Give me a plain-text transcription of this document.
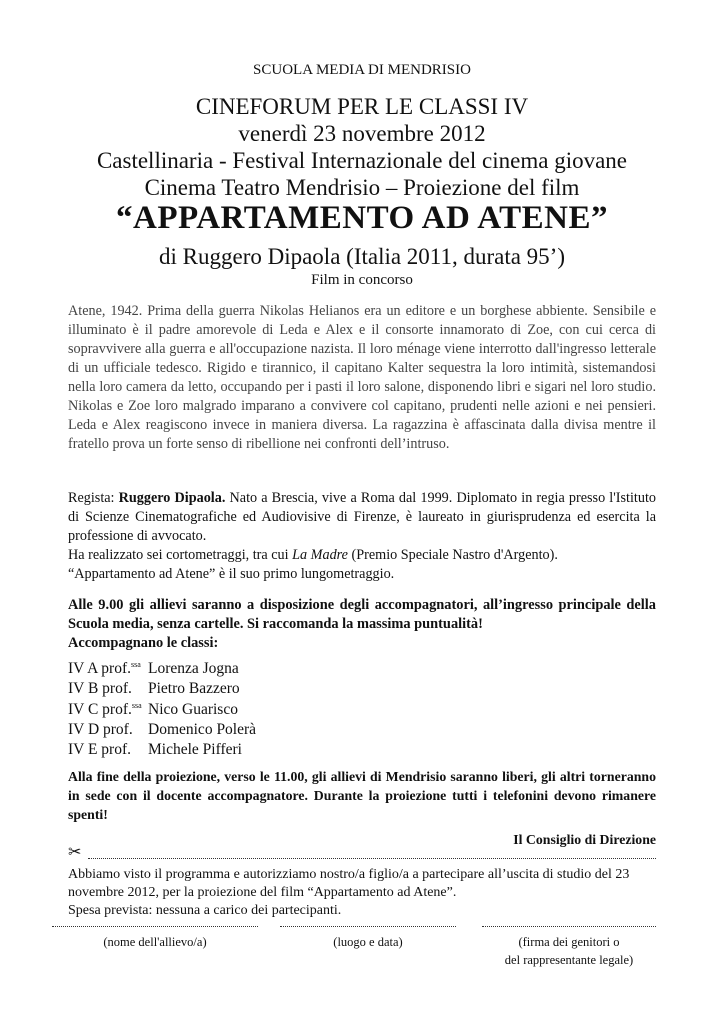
SCUOLA MEDIA DI MENDRISIO
CINEFORUM PER LE CLASSI IV
venerdì 23 novembre 2012
Castellinaria - Festival Internazionale del cinema giovane
Cinema Teatro Mendrisio – Proiezione del film
“APPARTAMENTO AD ATENE”
di Ruggero Dipaola (Italia 2011, durata 95’)
Film in concorso
Atene, 1942. Prima della guerra Nikolas Helianos era un editore e un borghese abbiente. Sensibile e illuminato è il padre amorevole di Leda e Alex e il consorte innamorato di Zoe, con cui cerca di sopravvivere alla guerra e all'occupazione nazista. Il loro ménage viene interrotto dall'ingresso letterale di un ufficiale tedesco. Rigido e tirannico, il capitano Kalter sequestra la loro intimità, sistemandosi nella loro camera da letto, occupando per i pasti il loro salone, disponendo libri e sigari nel loro studio. Nikolas e Zoe loro malgrado imparano a convivere col capitano, prudenti nelle azioni e nei pensieri. Leda e Alex reagiscono invece in maniera diversa. La ragazzina è affascinata dalla divisa mentre il fratello prova un forte senso di ribellione nei confronti dell’intruso.
Regista: Ruggero Dipaola. Nato a Brescia, vive a Roma dal 1999. Diplomato in regia presso l'Istituto di Scienze Cinematografiche ed Audiovisive di Firenze, è laureato in giurisprudenza ed esercita la professione di avvocato.
Ha realizzato sei cortometraggi, tra cui La Madre (Premio Speciale Nastro d'Argento).
“Appartamento ad Atene” è il suo primo lungometraggio.
Alle 9.00 gli allievi saranno a disposizione degli accompagnatori, all’ingresso principale della Scuola media, senza cartelle. Si raccomanda la massima puntualità!
Accompagnano le classi:
IV A prof.$^{ssa}$ Lorenza Jogna
IV B prof.	Pietro Bazzero
IV C prof.$^{ssa}$ Nico Guarisco
IV D prof. Domenico Polerà
IV E prof.	Michele Pifferi
Alla fine della proiezione, verso le 11.00, gli allievi di Mendrisio saranno liberi, gli altri torneranno in sede con il docente accompagnatore. Durante la proiezione tutti i telefonini devono rimanere spenti!
Il Consiglio di Direzione
✂
Abbiamo visto il programma e autorizziamo nostro/a figlio/a a partecipare all’uscita di studio del 23 novembre 2012, per la proiezione del film “Appartamento ad Atene”.
Spesa prevista: nessuna a carico dei partecipanti.
(nome dell'allievo/a)	(luogo e data)	(firma dei genitori o
del rappresentante legale)
